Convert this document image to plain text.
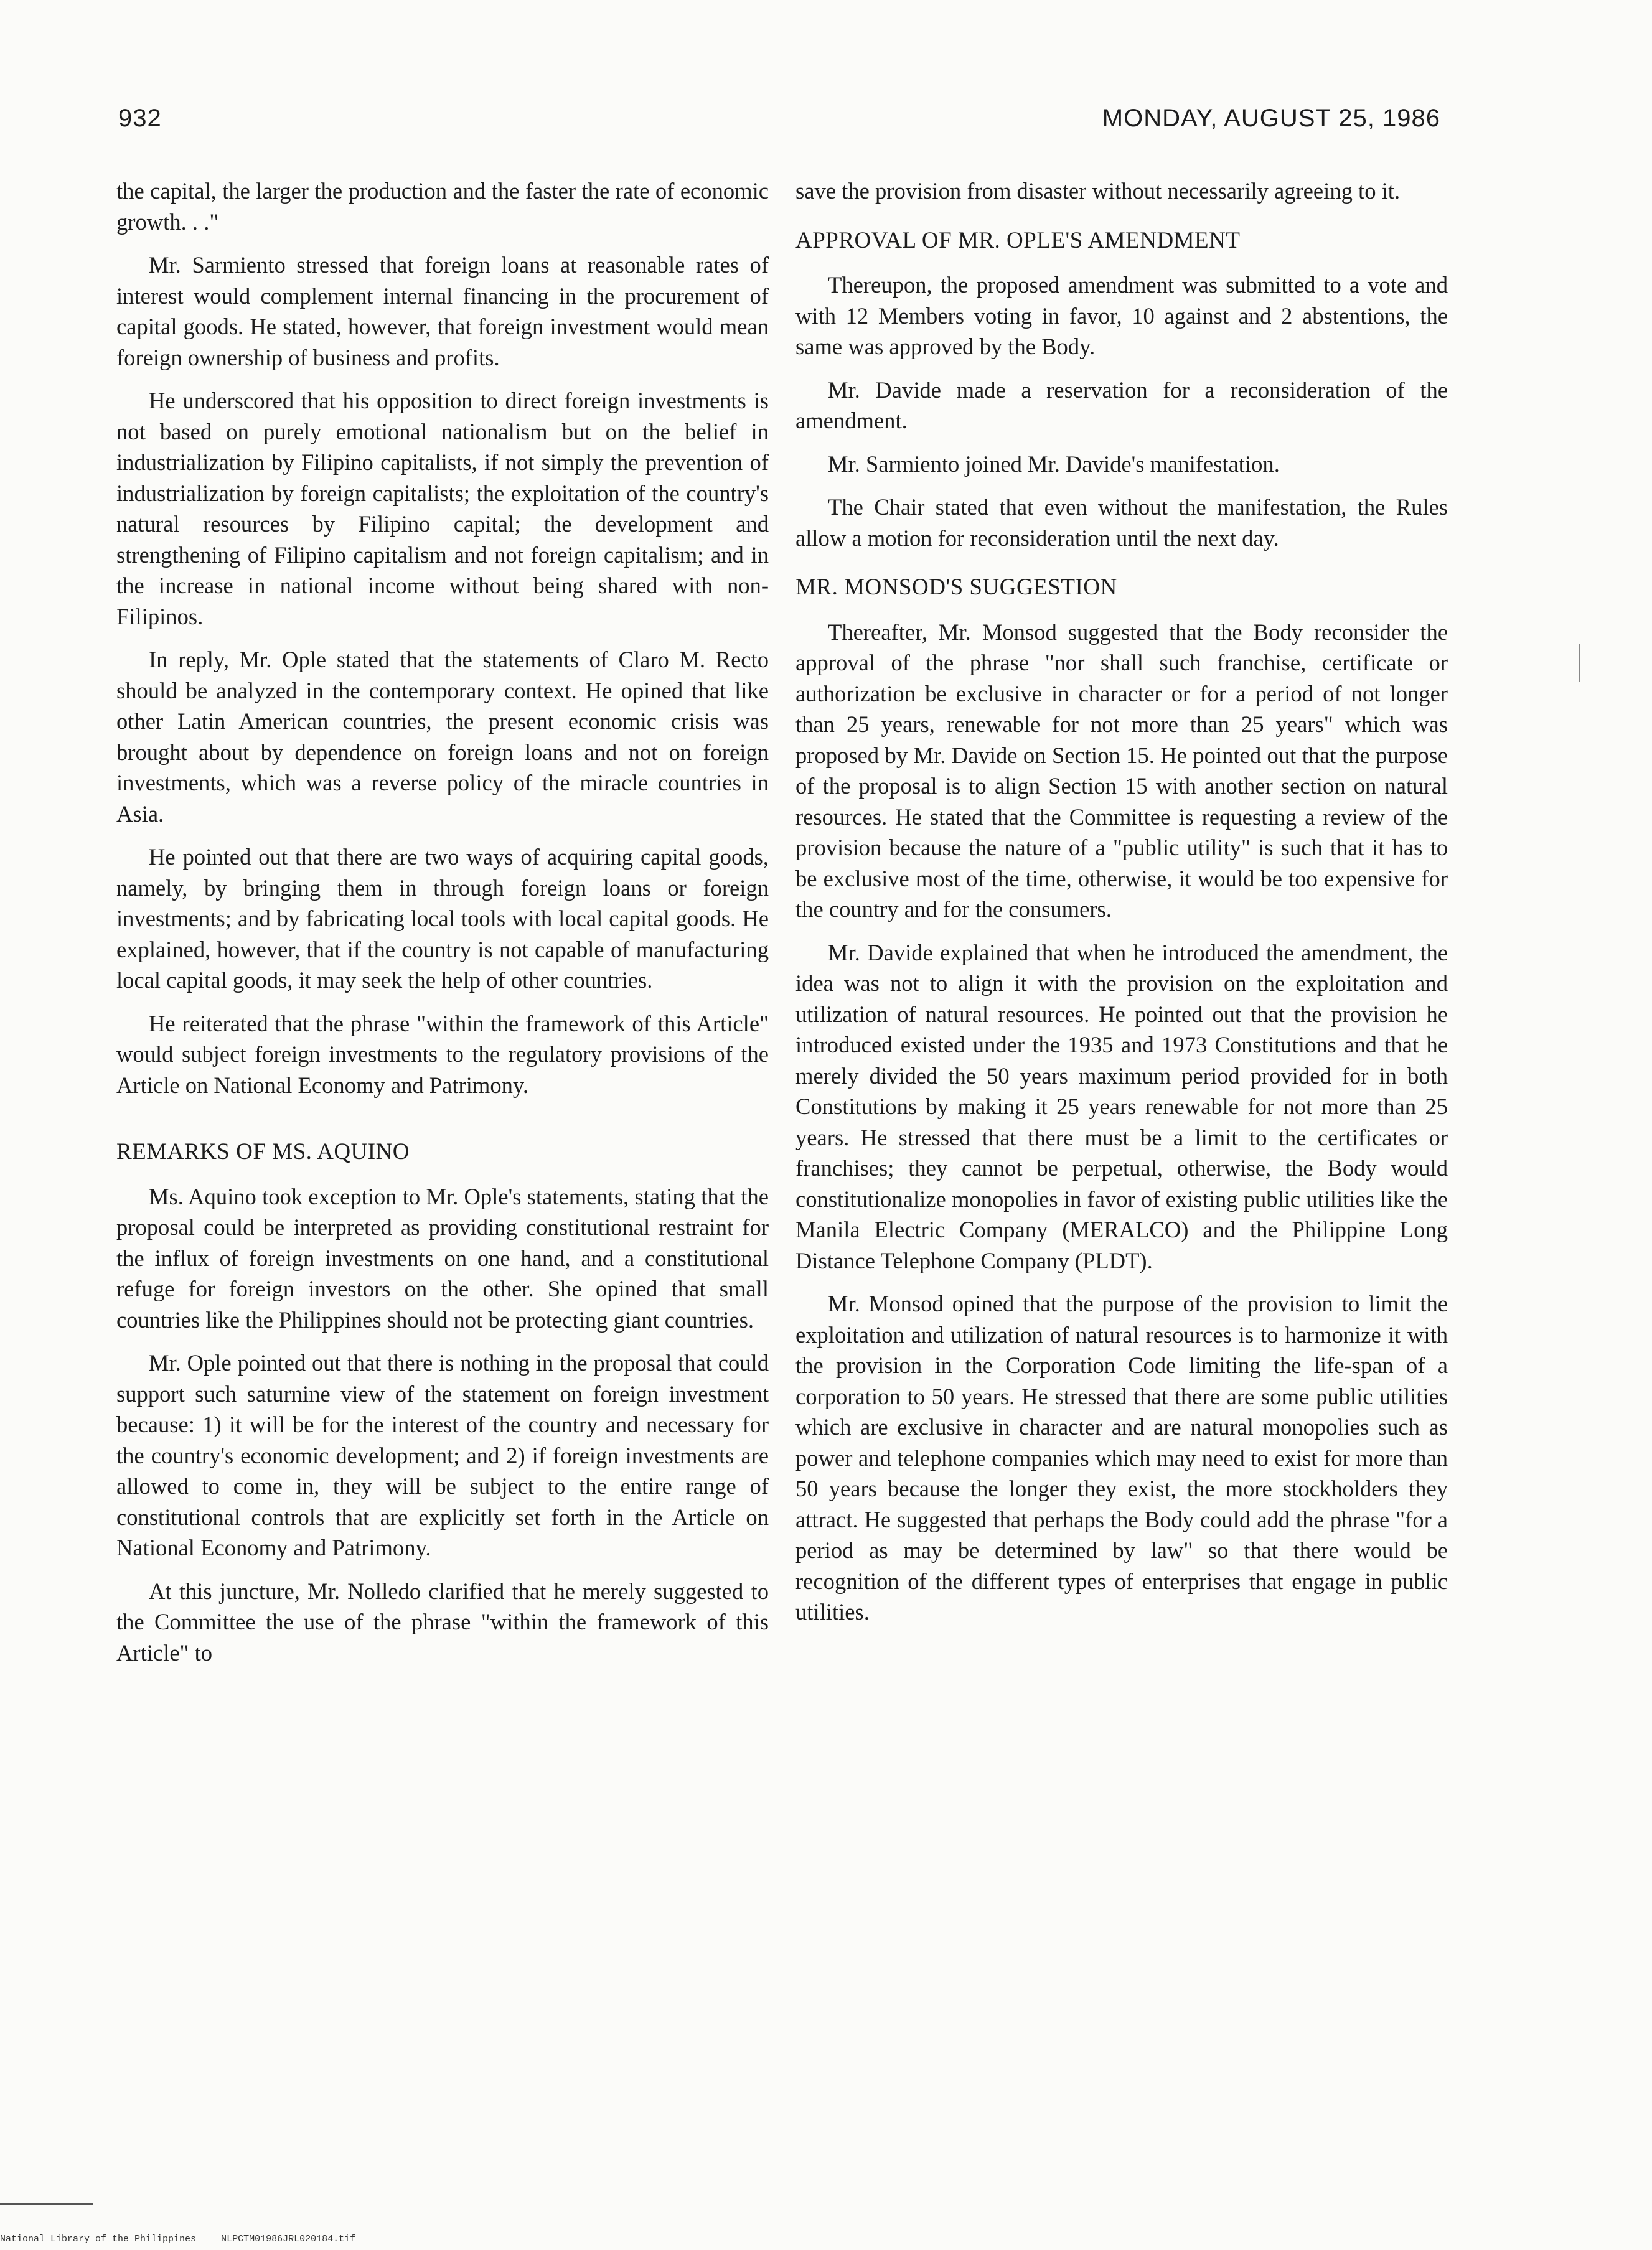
932	MONDAY, AUGUST 25, 1986

the capital, the larger the production and the faster the rate of economic growth. . ."

Mr. Sarmiento stressed that foreign loans at reasonable rates of interest would complement internal financing in the procurement of capital goods. He stated, however, that foreign investment would mean foreign ownership of business and profits.

He underscored that his opposition to direct foreign investments is not based on purely emotional nationalism but on the belief in industrialization by Filipino capitalists, if not simply the prevention of industrialization by foreign capitalists; the exploitation of the country's natural resources by Filipino capital; the development and strengthening of Filipino capitalism and not foreign capitalism; and in the increase in national income without being shared with non-Filipinos.

In reply, Mr. Ople stated that the statements of Claro M. Recto should be analyzed in the contemporary context. He opined that like other Latin American countries, the present economic crisis was brought about by dependence on foreign loans and not on foreign investments, which was a reverse policy of the miracle countries in Asia.

He pointed out that there are two ways of acquiring capital goods, namely, by bringing them in through foreign loans or foreign investments; and by fabricating local tools with local capital goods. He explained, however, that if the country is not capable of manufacturing local capital goods, it may seek the help of other countries.

He reiterated that the phrase "within the framework of this Article" would subject foreign investments to the regulatory provisions of the Article on National Economy and Patrimony.

REMARKS OF MS. AQUINO

Ms. Aquino took exception to Mr. Ople's statements, stating that the proposal could be interpreted as providing constitutional restraint for the influx of foreign investments on one hand, and a constitutional refuge for foreign investors on the other. She opined that small countries like the Philippines should not be protecting giant countries.

Mr. Ople pointed out that there is nothing in the proposal that could support such saturnine view of the statement on foreign investment because: 1) it will be for the interest of the country and necessary for the country's economic development; and 2) if foreign investments are allowed to come in, they will be subject to the entire range of constitutional controls that are explicitly set forth in the Article on National Economy and Patrimony.

At this juncture, Mr. Nolledo clarified that he merely suggested to the Committee the use of the phrase "within the framework of this Article" to

save the provision from disaster without necessarily agreeing to it.

APPROVAL OF MR. OPLE'S AMENDMENT

Thereupon, the proposed amendment was submitted to a vote and with 12 Members voting in favor, 10 against and 2 abstentions, the same was approved by the Body.

Mr. Davide made a reservation for a reconsideration of the amendment.

Mr. Sarmiento joined Mr. Davide's manifestation.

The Chair stated that even without the manifestation, the Rules allow a motion for reconsideration until the next day.

MR. MONSOD'S SUGGESTION

Thereafter, Mr. Monsod suggested that the Body reconsider the approval of the phrase "nor shall such franchise, certificate or authorization be exclusive in character or for a period of not longer than 25 years, renewable for not more than 25 years" which was proposed by Mr. Davide on Section 15. He pointed out that the purpose of the proposal is to align Section 15 with another section on natural resources. He stated that the Committee is requesting a review of the provision because the nature of a "public utility" is such that it has to be exclusive most of the time, otherwise, it would be too expensive for the country and for the consumers.

Mr. Davide explained that when he introduced the amendment, the idea was not to align it with the provision on the exploitation and utilization of natural resources. He pointed out that the provision he introduced existed under the 1935 and 1973 Constitutions and that he merely divided the 50 years maximum period provided for in both Constitutions by making it 25 years renewable for not more than 25 years. He stressed that there must be a limit to the certificates or franchises; they cannot be perpetual, otherwise, the Body would constitutionalize monopolies in favor of existing public utilities like the Manila Electric Company (MERALCO) and the Philippine Long Distance Telephone Company (PLDT).

Mr. Monsod opined that the purpose of the provision to limit the exploitation and utilization of natural resources is to harmonize it with the provision in the Corporation Code limiting the life-span of a corporation to 50 years. He stressed that there are some public utilities which are exclusive in character and are natural monopolies such as power and telephone companies which may need to exist for more than 50 years because the longer they exist, the more stockholders they attract. He suggested that perhaps the Body could add the phrase "for a period as may be determined by law" so that there would be recognition of the different types of enterprises that engage in public utilities.

National Library of the Philippines	NLPCTM01986JRL020184.tif
